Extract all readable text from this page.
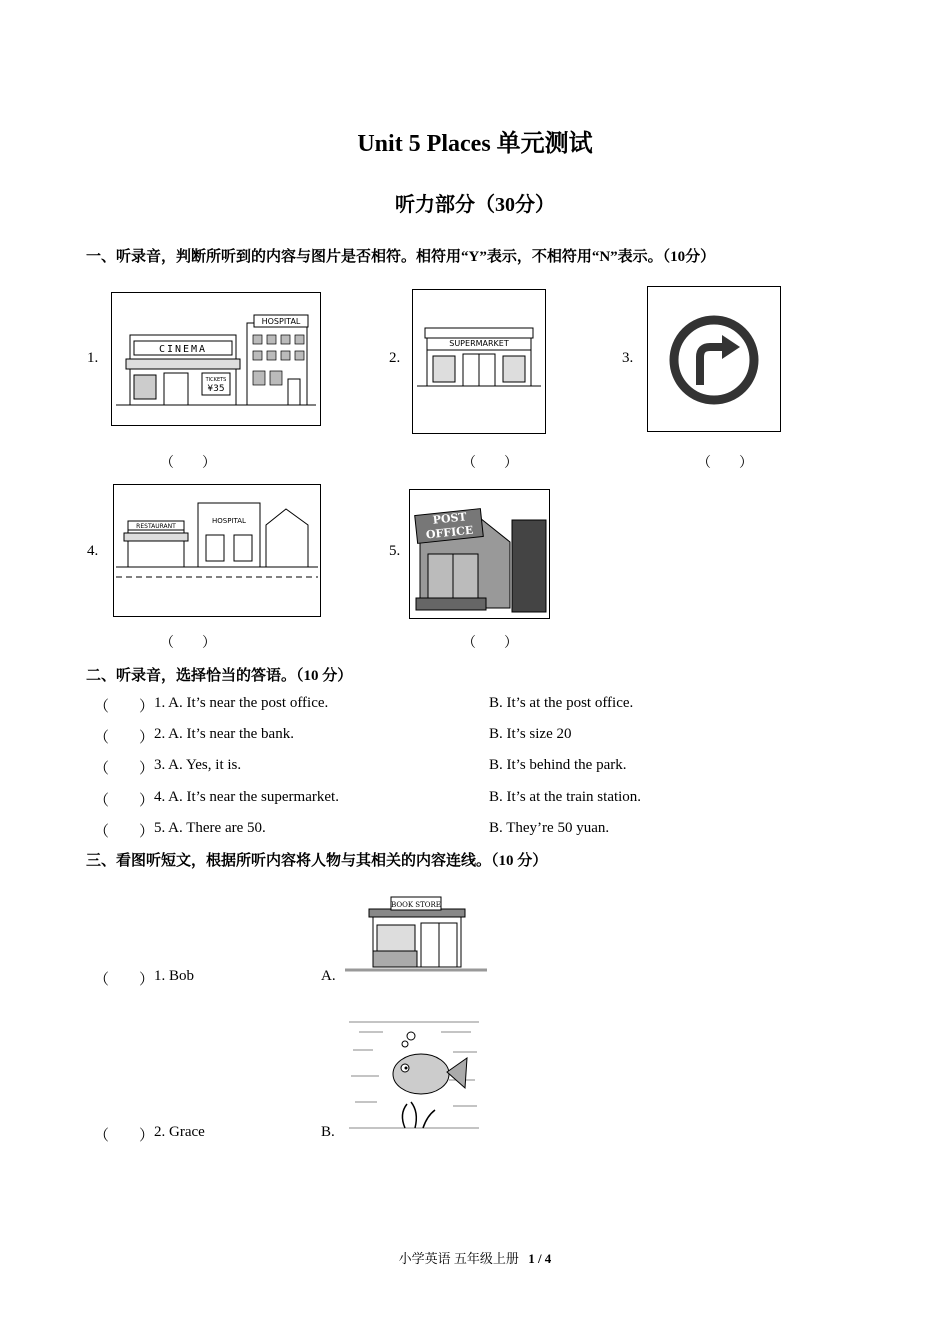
Unit 5 Places 单元测试
听力部分（30分）
一、听录音，判断所听到的内容与图片是否相符。相符用“Y”表示，不相符用“N”表示。（10分）
1.
HOSPITAL
CINEMA
TICKETS
¥35
（　　）
2.
SUPERMARKET
（　　）
3.
（　　）
4.
RESTAURANT
HOSPITAL
（　　）
5.
POST
OFFICE
（　　）
二、听录音，选择恰当的答语。（10 分）
（　　） 1. A. It’s near the post office.	B. It’s at the post office.
（　　） 2. A. It’s near the bank.	B. It’s size 20
（　　） 3. A. Yes, it is.	B. It’s behind the park.
（　　） 4. A. It’s near the supermarket.	B. It’s at the train station.
（　　） 5. A. There are 50.	B. They’re 50 yuan.
三、看图听短文，根据所听内容将人物与其相关的内容连线。（10 分）
（　　） 1. Bob	A.
BOOK STORE
（　　） 2. Grace	B.
小学英语 五年级上册 1 / 4
